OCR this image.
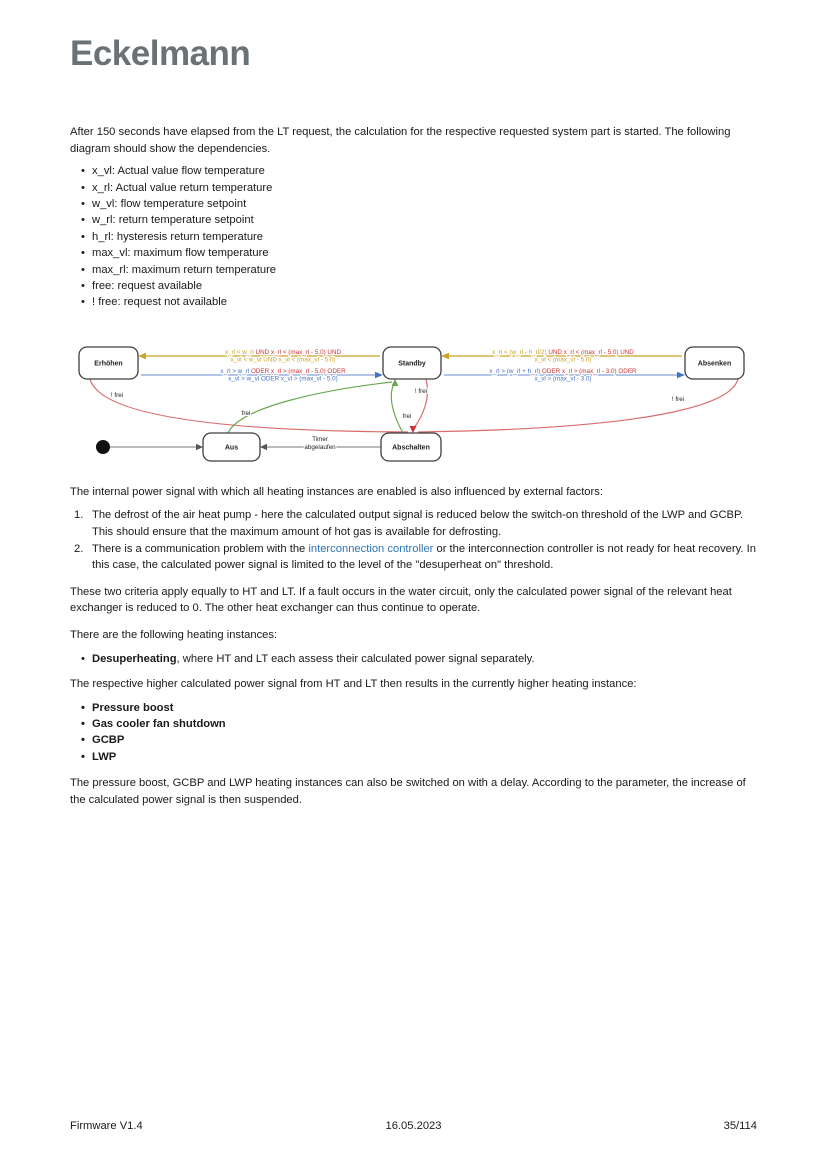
Eckelmann

After 150 seconds have elapsed from the LT request, the calculation for the respective requested system part is started. The following diagram should show the dependencies.

• x_vl: Actual value flow temperature
• x_rl: Actual value return temperature
• w_vl: flow temperature setpoint
• w_rl: return temperature setpoint
• h_rl: hysteresis return temperature
• max_vl: maximum flow temperature
• max_rl: maximum return temperature
• free: request available
• ! free: request not available
x_rl < w_rl UND x_rl < (max_rl - 5.0) UND
x_vl < w_vl UND x_vl < (max_vl - 5.0)
x_rl > w_rl ODER x_rl > (max_rl - 5.0) ODER
x_vl > w_vl ODER x_vl > (max_vl - 5.0)
x_rl < (w_rl - h_rl/2) UND x_rl < (max_rl - 5.0) UND
x_vl < (max_vl - 5.0)
x_rl > (w_rl + h_rl) ODER x_rl > (max_rl - 3.0) ODER
x_vl > (max_vl - 3.0)
! frei
! frei
! frei
frei	frei
Timer
abgelaufen
Erhöhen	Standby	Absenken
Aus	Abschalten

The internal power signal with which all heating instances are enabled is also influenced by external factors:

1. The defrost of the air heat pump - here the calculated output signal is reduced below the switch-on threshold of the LWP and GCBP. This should ensure that the maximum amount of hot gas is available for defrosting.
2. There is a communication problem with the interconnection controller or the interconnection controller is not ready for heat recovery. In this case, the calculated power signal is limited to the level of the "desuperheat on" threshold.

These two criteria apply equally to HT and LT. If a fault occurs in the water circuit, only the calculated power signal of the relevant heat exchanger is reduced to 0. The other heat exchanger can thus continue to operate.

There are the following heating instances:

• Desuperheating, where HT and LT each assess their calculated power signal separately.

The respective higher calculated power signal from HT and LT then results in the currently higher heating instance:

• Pressure boost
• Gas cooler fan shutdown
• GCBP
• LWP

The pressure boost, GCBP and LWP heating instances can also be switched on with a delay. According to the parameter, the increase of the calculated power signal is then suspended.

Firmware V1.4	16.05.2023	35/114
